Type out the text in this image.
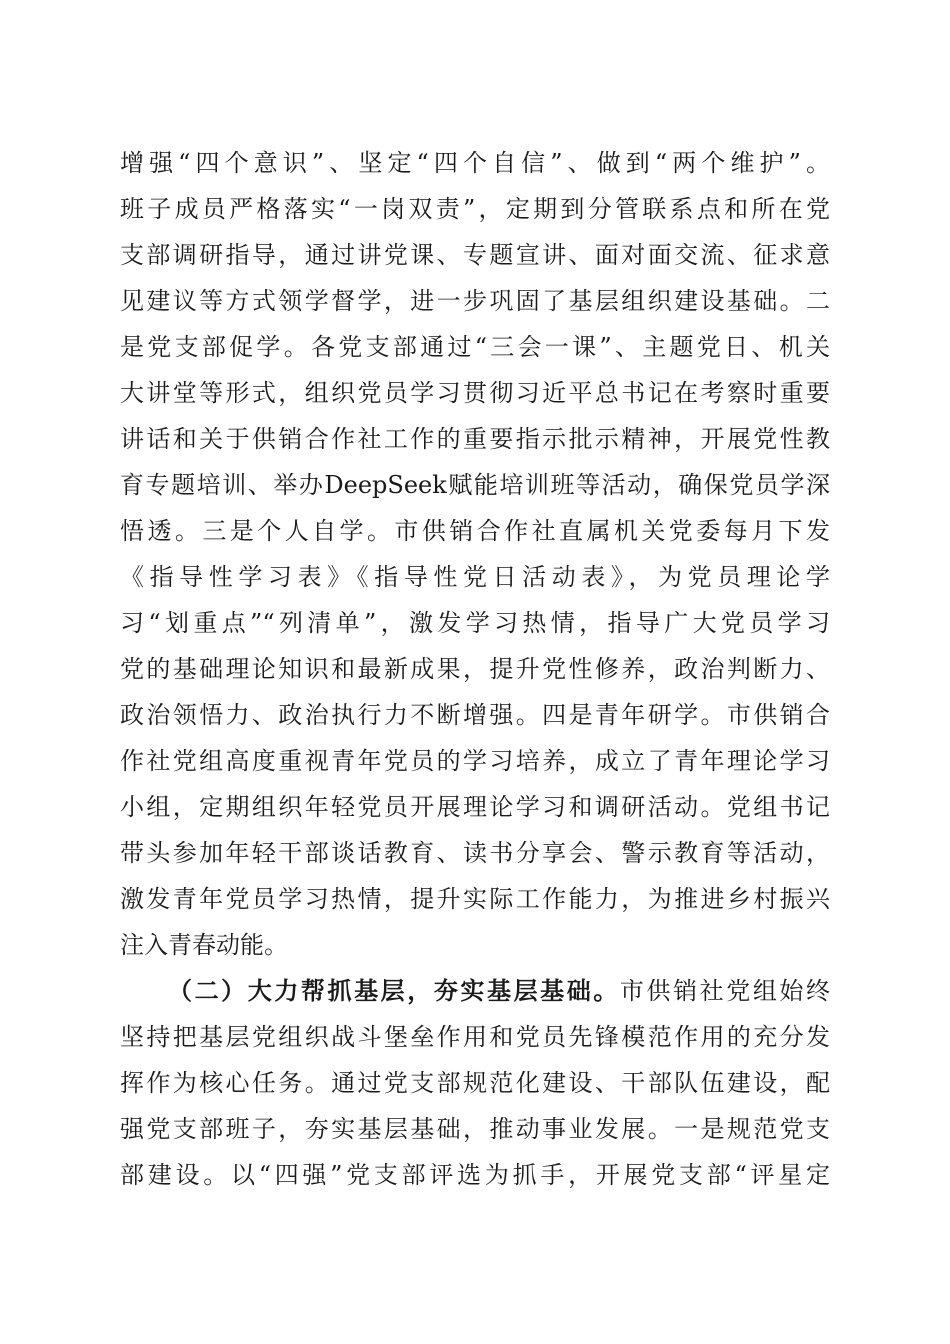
增强“四个意识”、坚定“四个自信”、做到“两个维护”。
班子成员严格落实“一岗双责”，定期到分管联系点和所在党
支部调研指导，通过讲党课、专题宣讲、面对面交流、征求意
见建议等方式领学督学，进一步巩固了基层组织建设基础。二
是党支部促学。各党支部通过“三会一课”、主题党日、机关
大讲堂等形式，组织党员学习贯彻习近平总书记在考察时重要
讲话和关于供销合作社工作的重要指示批示精神，开展党性教
育专题培训、举办DeepSeek赋能培训班等活动，确保党员学深
悟透。三是个人自学。市供销合作社直属机关党委每月下发
《指导性学习表》《指导性党日活动表》，为党员理论学
习“划重点”“列清单”，激发学习热情，指导广大党员学习
党的基础理论知识和最新成果，提升党性修养，政治判断力、
政治领悟力、政治执行力不断增强。四是青年研学。市供销合
作社党组高度重视青年党员的学习培养，成立了青年理论学习
小组，定期组织年轻党员开展理论学习和调研活动。党组书记
带头参加年轻干部谈话教育、读书分享会、警示教育等活动，
激发青年党员学习热情，提升实际工作能力，为推进乡村振兴
注入青春动能。
（二）大力帮抓基层，夯实基层基础。市供销社党组始终
坚持把基层党组织战斗堡垒作用和党员先锋模范作用的充分发
挥作为核心任务。通过党支部规范化建设、干部队伍建设，配
强党支部班子，夯实基层基础，推动事业发展。一是规范党支
部建设。以“四强”党支部评选为抓手，开展党支部“评星定
